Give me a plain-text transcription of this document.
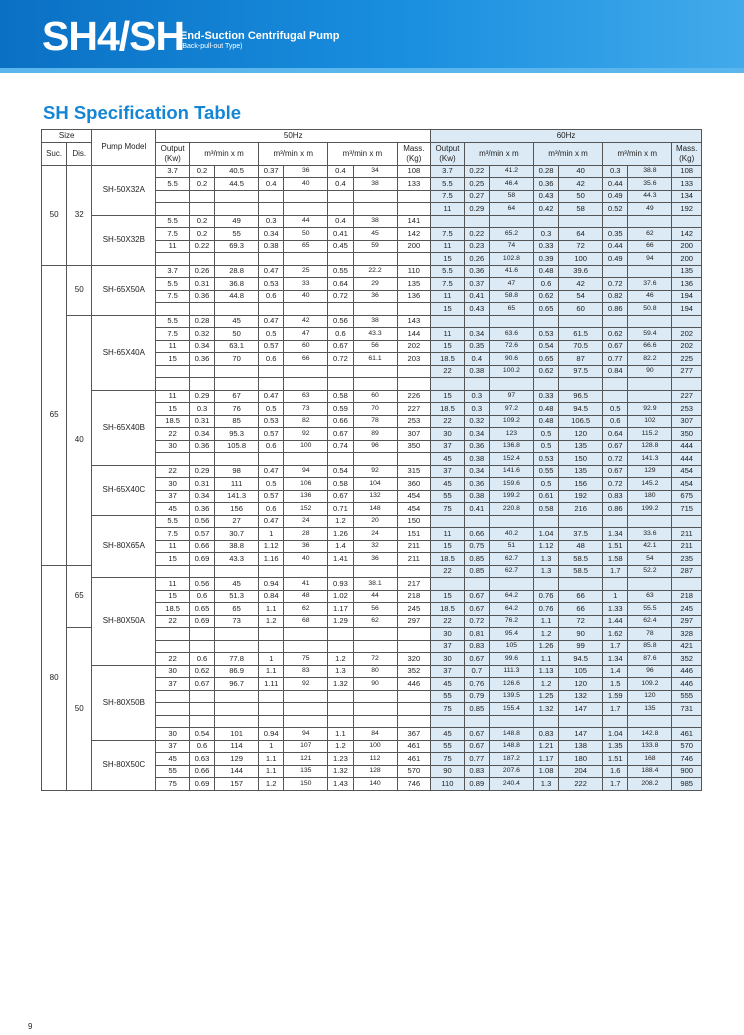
SH4/SH
End-Suction Centrifugal Pump
(Back-pull-out Type)
SH Specification Table
Size		Pump Model	50Hz								60Hz							
Suc.	Dis.		Output (Kw)	m³/min x m		m³/min x m		m³/min x m		Mass. (Kg)	Output (Kw)	m³/min x m		m³/min x m		m³/min x m		Mass. (Kg)
50	32	SH-50X32A	3.7	0.2	40.5	0.37	36	0.4	34	108	3.7	0.22	41.2	0.28	40	0.3	38.8	108
			5.5	0.2	44.5	0.4	40	0.4	38	133	5.5	0.25	46.4	0.36	42	0.44	35.6	133
											7.5	0.27	58	0.43	50	0.49	44.3	134
											11	0.29	64	0.42	58	0.52	49	192
		SH-50X32B	5.5	0.2	49	0.3	44	0.4	38	141								
			7.5	0.2	55	0.34	50	0.41	45	142	7.5	0.22	65.2	0.3	64	0.35	62	142
			11	0.22	69.3	0.38	65	0.45	59	200	11	0.23	74	0.33	72	0.44	66	200
											15	0.26	102.8	0.39	100	0.49	94	200
65	50	SH-65X50A	3.7	0.26	28.8	0.47	25	0.55	22.2	110	5.5	0.36	41.6	0.48	39.6			135
			5.5	0.31	36.8	0.53	33	0.64	29	135	7.5	0.37	47	0.6	42	0.72	37.6	136
			7.5	0.36	44.8	0.6	40	0.72	36	136	11	0.41	58.8	0.62	54	0.82	46	194
											15	0.43	65	0.65	60	0.86	50.8	194
	40	SH-65X40A	5.5	0.28	45	0.47	42	0.56	38	143								
			7.5	0.32	50	0.5	47	0.6	43.3	144	11	0.34	63.6	0.53	61.5	0.62	59.4	202
			11	0.34	63.1	0.57	60	0.67	56	202	15	0.35	72.6	0.54	70.5	0.67	66.6	202
			15	0.36	70	0.6	66	0.72	61.1	203	18.5	0.4	90.6	0.65	87	0.77	82.2	225
											22	0.38	100.2	0.62	97.5	0.84	90	277

		SH-65X40B	11	0.29	67	0.47	63	0.58	60	226	15	0.3	97	0.33	96.5			227
			15	0.3	76	0.5	73	0.59	70	227	18.5	0.3	97.2	0.48	94.5	0.5	92.9	253
			18.5	0.31	85	0.53	82	0.66	78	253	22	0.32	109.2	0.48	106.5	0.6	102	307
			22	0.34	95.3	0.57	92	0.67	89	307	30	0.34	123	0.5	120	0.64	115.2	350
			30	0.36	105.8	0.6	100	0.74	96	350	37	0.36	136.8	0.5	135	0.67	128.8	444
											45	0.38	152.4	0.53	150	0.72	141.3	444
		SH-65X40C	22	0.29	98	0.47	94	0.54	92	315	37	0.34	141.6	0.55	135	0.67	129	454
			30	0.31	111	0.5	106	0.58	104	360	45	0.36	159.6	0.5	156	0.72	145.2	454
			37	0.34	141.3	0.57	136	0.67	132	454	55	0.38	199.2	0.61	192	0.83	180	675
			45	0.36	156	0.6	152	0.71	148	454	75	0.41	220.8	0.58	216	0.86	199.2	715
		SH-80X65A	5.5	0.56	27	0.47	24	1.2	20	150								
			7.5	0.57	30.7	1	28	1.26	24	151	11	0.66	40.2	1.04	37.5	1.34	33.6	211
			11	0.66	38.8	1.12	36	1.4	32	211	15	0.75	51	1.12	48	1.51	42.1	211
			15	0.69	43.3	1.16	40	1.41	36	211	18.5	0.85	62.7	1.3	58.5	1.58	54	235
80	65										22	0.85	62.7	1.3	58.5	1.7	52.2	287
		SH-80X50A	11	0.56	45	0.94	41	0.93	38.1	217								
			15	0.6	51.3	0.84	48	1.02	44	218	15	0.67	64.2	0.76	66	1	63	218
			18.5	0.65	65	1.1	62	1.17	56	245	18.5	0.67	64.2	0.76	66	1.33	55.5	245
			22	0.69	73	1.2	68	1.29	62	297	22	0.72	76.2	1.1	72	1.44	62.4	297
	50										30	0.81	95.4	1.2	90	1.62	78	328
											37	0.83	105	1.26	99	1.7	85.8	421
			22	0.6	77.8	1	75	1.2	72	320	30	0.67	99.6	1.1	94.5	1.34	87.6	352
		SH-80X50B	30	0.62	86.9	1.1	83	1.3	80	352	37	0.7	111.3	1.13	105	1.4	96	446
			37	0.67	96.7	1.11	92	1.32	90	446	45	0.76	126.6	1.2	120	1.5	109.2	446
											55	0.79	139.5	1.25	132	1.59	120	555
											75	0.85	155.4	1.32	147	1.7	135	731

			30	0.54	101	0.94	94	1.1	84	367	45	0.67	148.8	0.83	147	1.04	142.8	461
		SH-80X50C	37	0.6	114	1	107	1.2	100	461	55	0.67	148.8	1.21	138	1.35	133.8	570
			45	0.63	129	1.1	121	1.23	112	461	75	0.77	187.2	1.17	180	1.51	168	746
			55	0.66	144	1.1	135	1.32	128	570	90	0.83	207.6	1.08	204	1.6	188.4	900
			75	0.69	157	1.2	150	1.43	140	746	110	0.89	240.4	1.3	222	1.7	208.2	985
9
